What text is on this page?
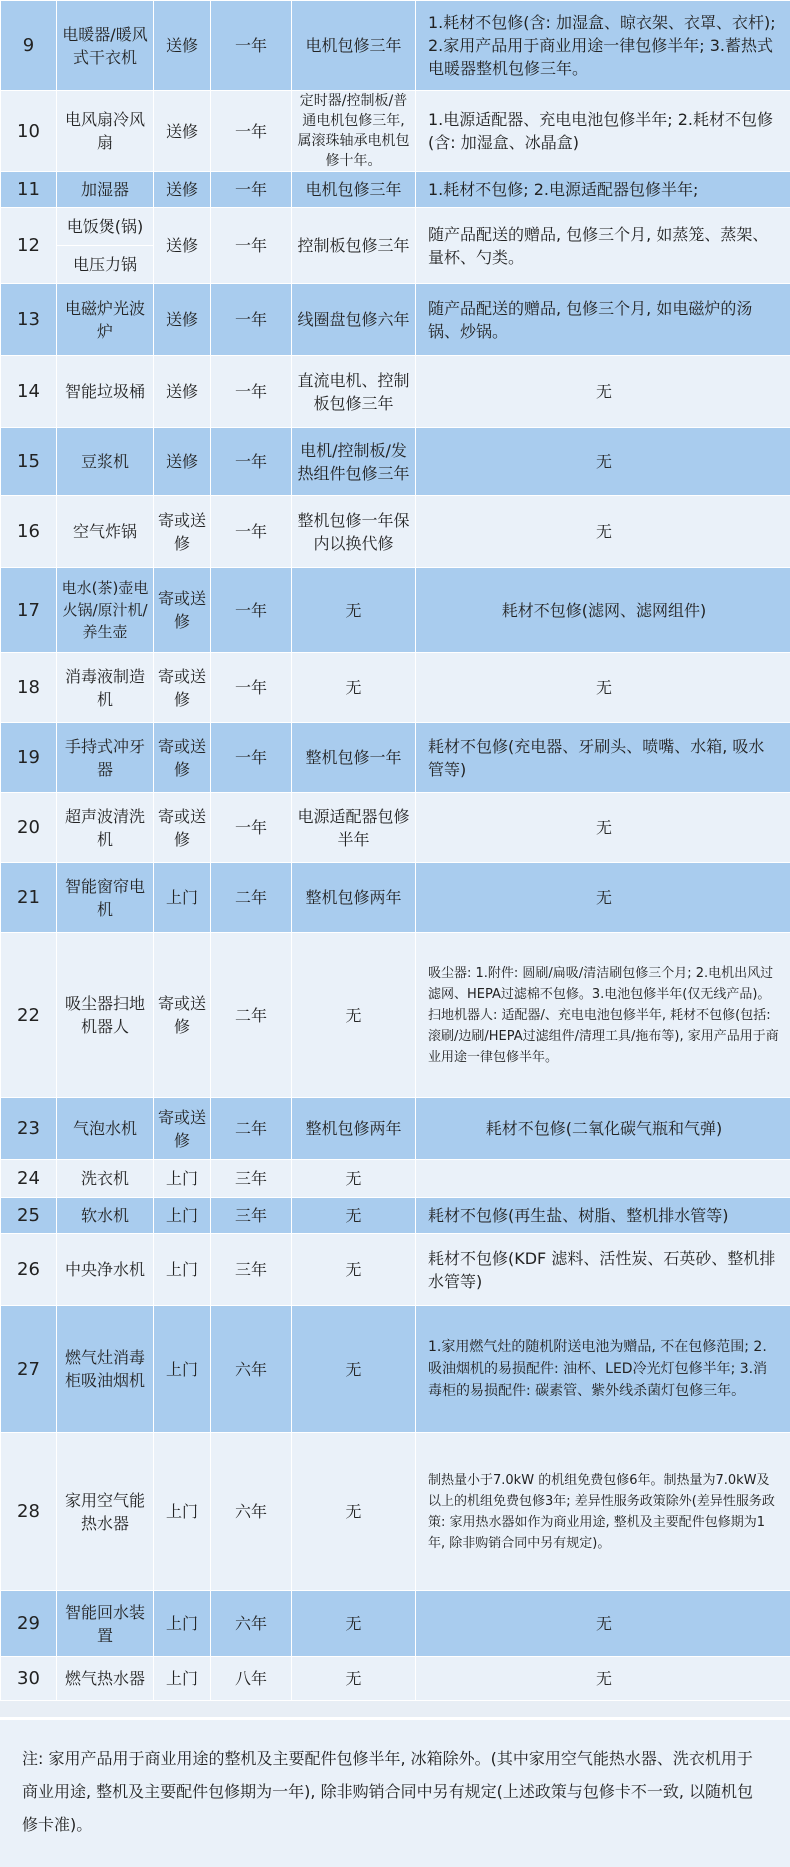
9	电暖器/暖风式干衣机	送修	一年	电机包修三年	1.耗材不包修(含: 加湿盒、晾衣架、衣罩、衣杆); 2.家用产品用于商业用途一律包修半年; 3.蓄热式电暖器整机包修三年。
10	电风扇冷风扇	送修	一年	定时器/控制板/普通电机包修三年, 属滚珠轴承电机包修十年。	1.电源适配器、充电电池包修半年; 2.耗材不包修(含: 加湿盒、冰晶盒)
11	加湿器	送修	一年	电机包修三年	1.耗材不包修; 2.电源适配器包修半年;
12	电饭煲(锅)	送修	一年	控制板包修三年	随产品配送的赠品, 包修三个月, 如蒸笼、蒸架、量杯、勺类。
	电压力锅				
13	电磁炉光波炉	送修	一年	线圈盘包修六年	随产品配送的赠品, 包修三个月, 如电磁炉的汤锅、炒锅。
14	智能垃圾桶	送修	一年	直流电机、控制板包修三年	无
15	豆浆机	送修	一年	电机/控制板/发热组件包修三年	无
16	空气炸锅	寄或送修	一年	整机包修一年保内以换代修	无
17	电水(茶)壶电火锅/原汁机/养生壶	寄或送修	一年	无	耗材不包修(滤网、滤网组件)
18	消毒液制造机	寄或送修	一年	无	无
19	手持式冲牙器	寄或送修	一年	整机包修一年	耗材不包修(充电器、牙刷头、喷嘴、水箱, 吸水管等)
20	超声波清洗机	寄或送修	一年	电源适配器包修半年	无
21	智能窗帘电机	上门	二年	整机包修两年	无
22	吸尘器扫地机器人	寄或送修	二年	无	吸尘器: 1.附件: 圆刷/扁吸/清洁刷包修三个月; 2.电机出风过滤网、HEPA过滤棉不包修。3.电池包修半年(仅无线产品)。扫地机器人: 适配器/、充电电池包修半年, 耗材不包修(包括: 滚刷/边刷/HEPA过滤组件/清理工具/拖布等), 家用产品用于商业用途一律包修半年。
23	气泡水机	寄或送修	二年	整机包修两年	耗材不包修(二氧化碳气瓶和气弹)
24	洗衣机	上门	三年	无	
25	软水机	上门	三年	无	耗材不包修(再生盐、树脂、整机排水管等)
26	中央净水机	上门	三年	无	耗材不包修(KDF 滤料、活性炭、石英砂、整机排水管等)
27	燃气灶消毒柜吸油烟机	上门	六年	无	1.家用燃气灶的随机附送电池为赠品, 不在包修范围; 2.吸油烟机的易损配件: 油杯、LED冷光灯包修半年; 3.消毒柜的易损配件: 碳素管、紫外线杀菌灯包修三年。
28	家用空气能热水器	上门	六年	无	制热量小于7.0kW 的机组免费包修6年。制热量为7.0kW及以上的机组免费包修3年; 差异性服务政策除外(差异性服务政策: 家用热水器如作为商业用途, 整机及主要配件包修期为1年, 除非购销合同中另有规定)。
29	智能回水装置	上门	六年	无	无
30	燃气热水器	上门	八年	无	无

注: 家用产品用于商业用途的整机及主要配件包修半年, 冰箱除外。(其中家用空气能热水器、洗衣机用于商业用途, 整机及主要配件包修期为一年), 除非购销合同中另有规定(上述政策与包修卡不一致, 以随机包修卡准)。
